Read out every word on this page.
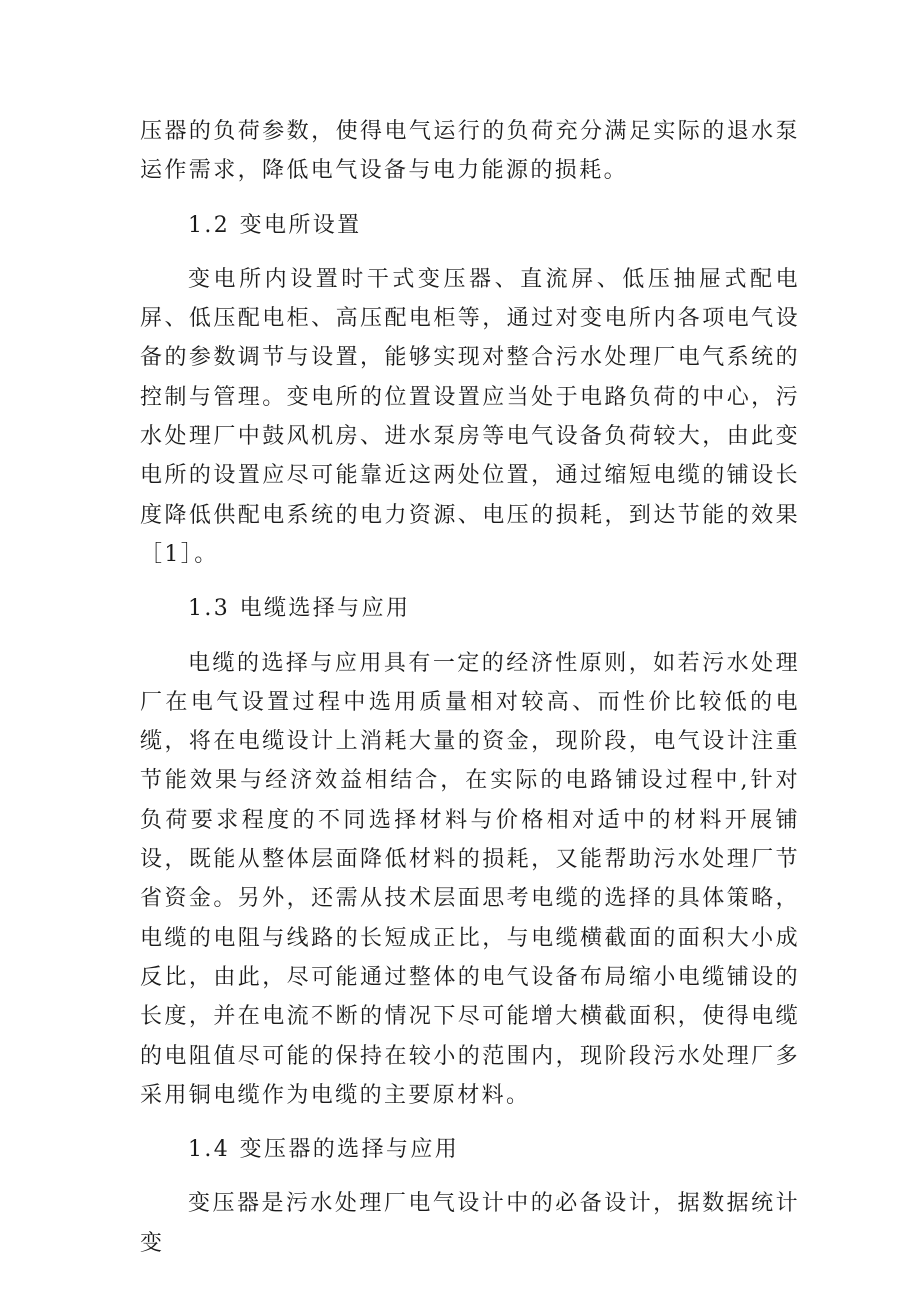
压器的负荷参数，使得电气运行的负荷充分满足实际的退水泵运作需求，降低电气设备与电力能源的损耗。

1.2 变电所设置

变电所内设置时干式变压器、直流屏、低压抽屉式配电屏、低压配电柜、高压配电柜等，通过对变电所内各项电气设备的参数调节与设置，能够实现对整合污水处理厂电气系统的控制与管理。变电所的位置设置应当处于电路负荷的中心，污水处理厂中鼓风机房、进水泵房等电气设备负荷较大，由此变电所的设置应尽可能靠近这两处位置，通过缩短电缆的铺设长度降低供配电系统的电力资源、电压的损耗，到达节能的效果［1］。

1.3 电缆选择与应用

电缆的选择与应用具有一定的经济性原则，如若污水处理厂在电气设置过程中选用质量相对较高、而性价比较低的电缆，将在电缆设计上消耗大量的资金，现阶段，电气设计注重节能效果与经济效益相结合，在实际的电路铺设过程中,针对负荷要求程度的不同选择材料与价格相对适中的材料开展铺设，既能从整体层面降低材料的损耗，又能帮助污水处理厂节省资金。另外，还需从技术层面思考电缆的选择的具体策略，电缆的电阻与线路的长短成正比，与电缆横截面的面积大小成反比，由此，尽可能通过整体的电气设备布局缩小电缆铺设的长度，并在电流不断的情况下尽可能增大横截面积，使得电缆的电阻值尽可能的保持在较小的范围内，现阶段污水处理厂多采用铜电缆作为电缆的主要原材料。

1.4 变压器的选择与应用

变压器是污水处理厂电气设计中的必备设计，据数据统计变
